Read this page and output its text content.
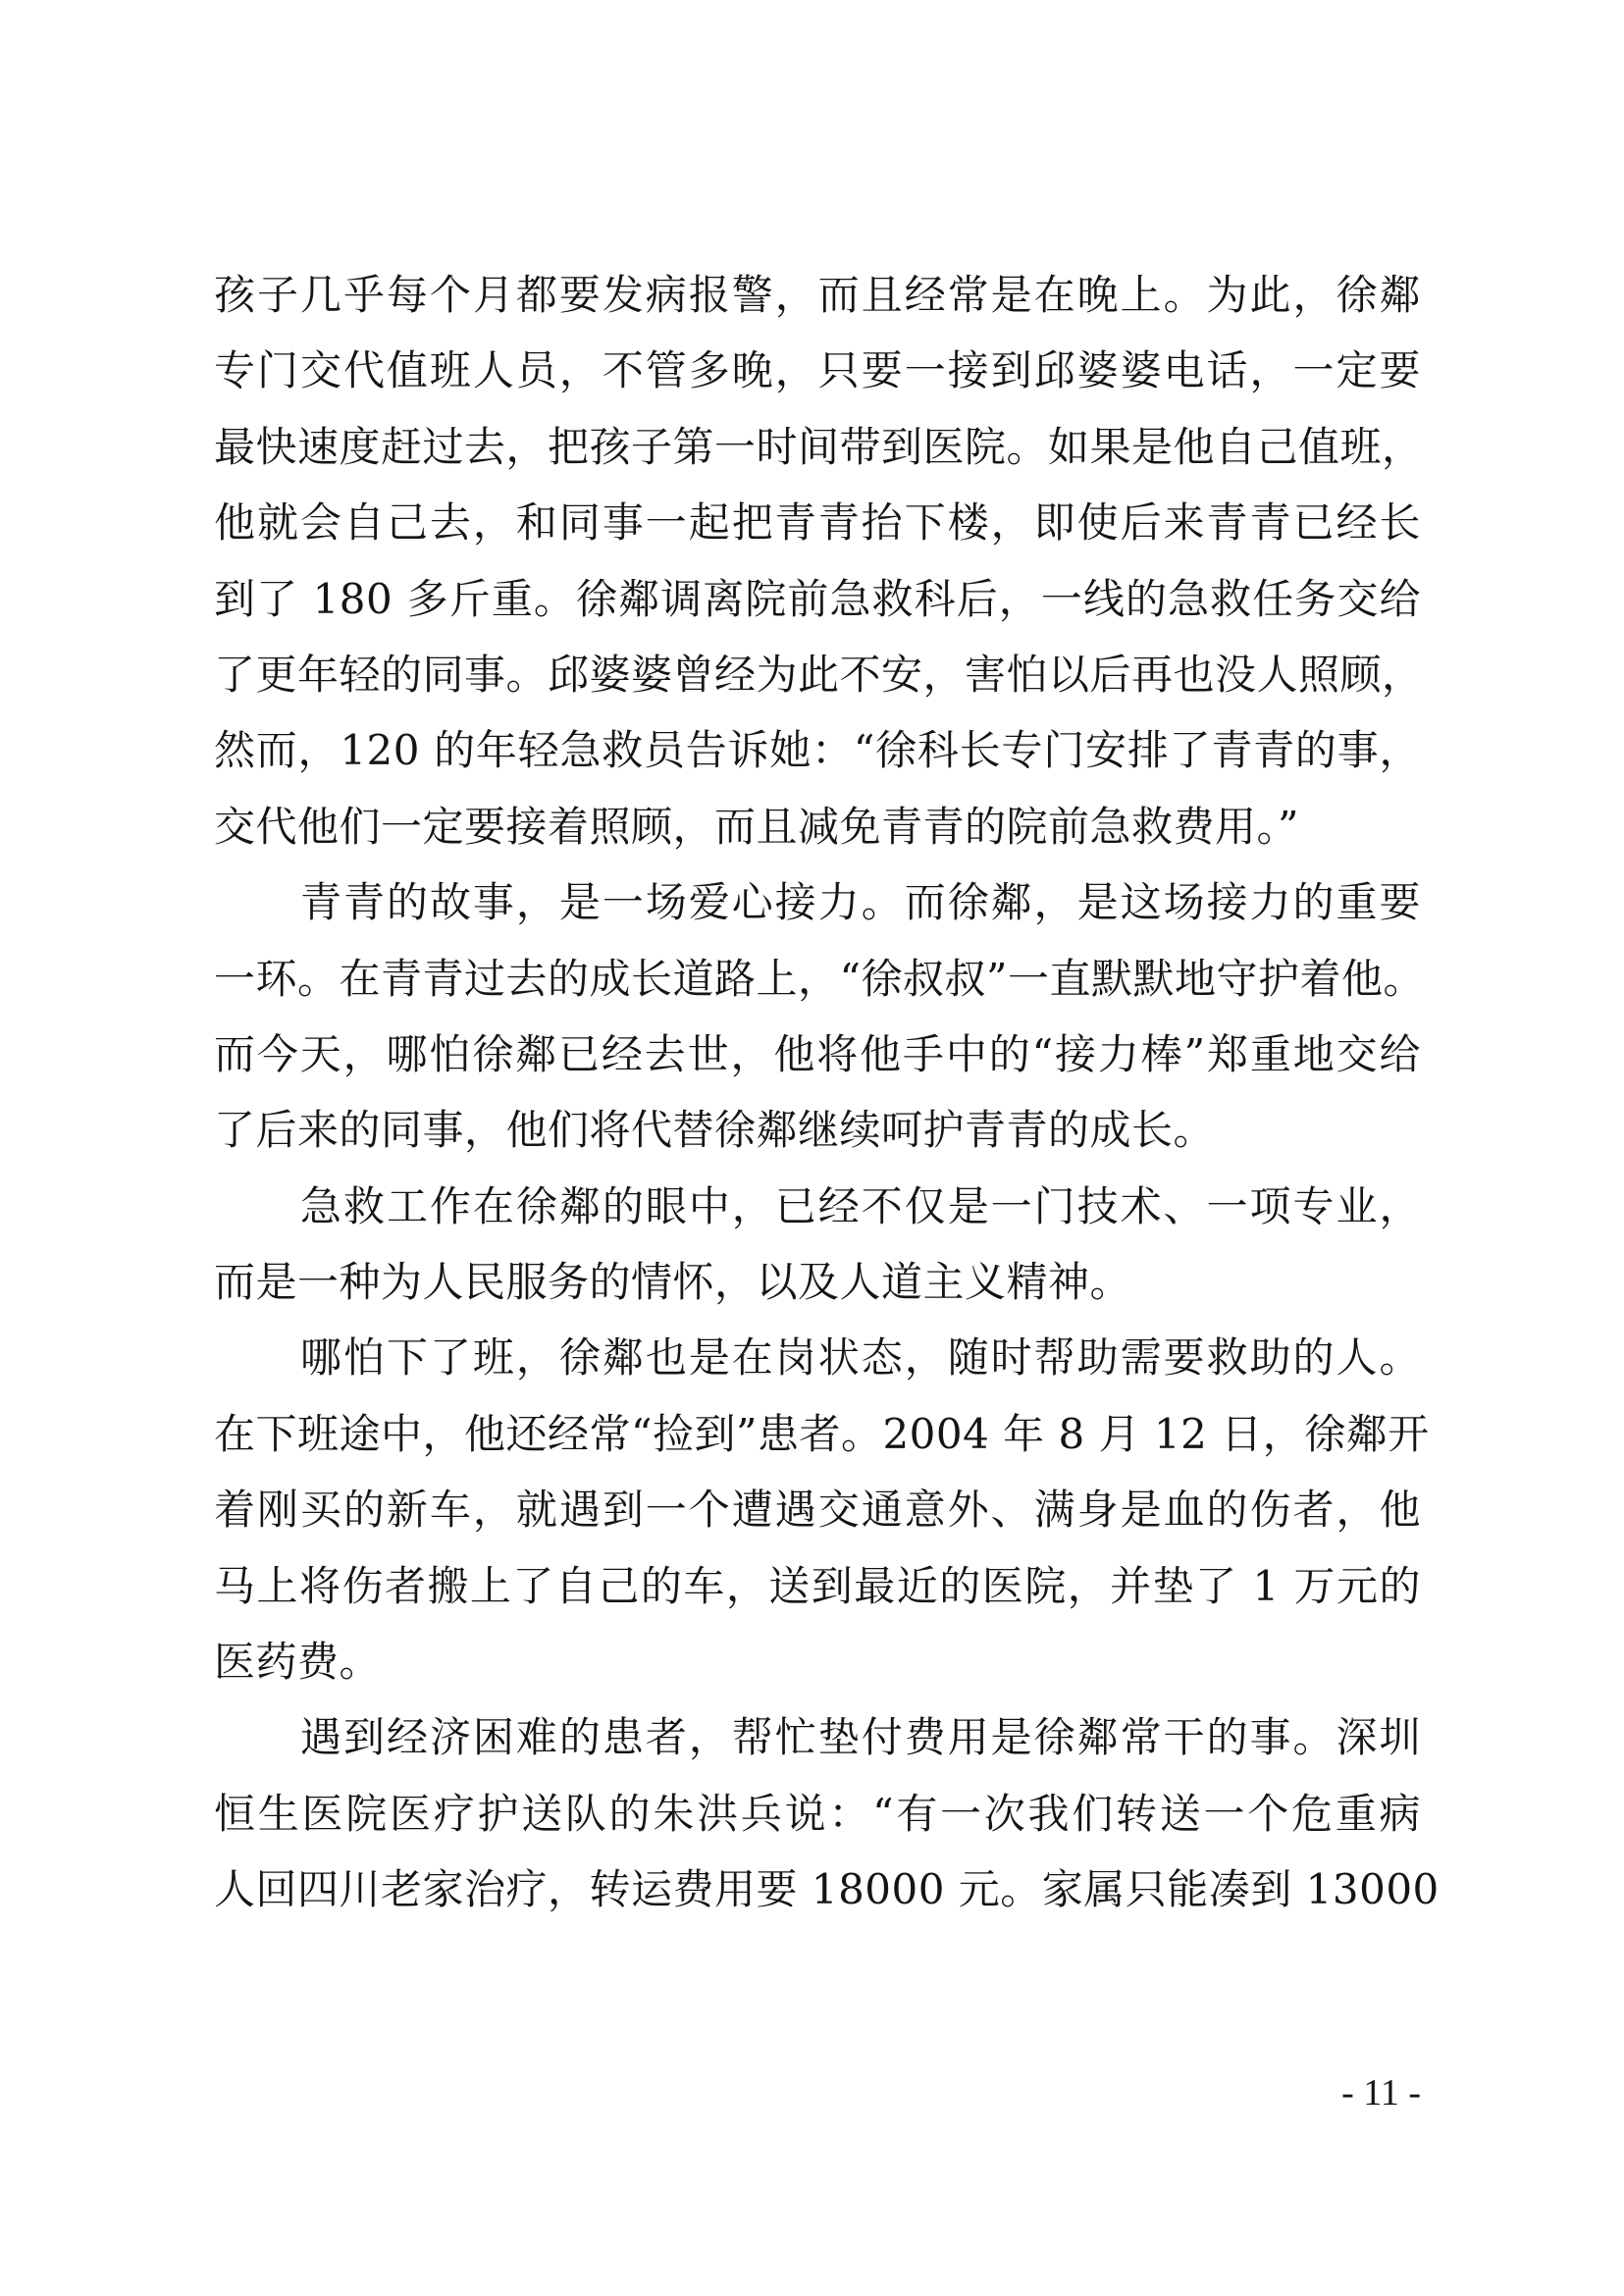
孩子几乎每个月都要发病报警，而且经常是在晚上。为此，徐鄰
专门交代值班人员，不管多晚，只要一接到邱婆婆电话，一定要
最快速度赶过去，把孩子第一时间带到医院。如果是他自己值班，
他就会自己去，和同事一起把青青抬下楼，即使后来青青已经长
到了 180 多斤重。徐鄰调离院前急救科后，一线的急救任务交给
了更年轻的同事。邱婆婆曾经为此不安，害怕以后再也没人照顾，
然而，120 的年轻急救员告诉她：“徐科长专门安排了青青的事，
交代他们一定要接着照顾，而且减免青青的院前急救费用。”
青青的故事，是一场爱心接力。而徐鄰，是这场接力的重要
一环。在青青过去的成长道路上，“徐叔叔”一直默默地守护着他。
而今天，哪怕徐鄰已经去世，他将他手中的“接力棒”郑重地交给
了后来的同事，他们将代替徐鄰继续呵护青青的成长。
急救工作在徐鄰的眼中，已经不仅是一门技术、一项专业，
而是一种为人民服务的情怀，以及人道主义精神。
哪怕下了班，徐鄰也是在岗状态，随时帮助需要救助的人。
在下班途中，他还经常“捡到”患者。2004 年 8 月 12 日，徐鄰开
着刚买的新车，就遇到一个遭遇交通意外、满身是血的伤者，他
马上将伤者搬上了自己的车，送到最近的医院，并垫了 1 万元的
医药费。
遇到经济困难的患者，帮忙垫付费用是徐鄰常干的事。深圳
恒生医院医疗护送队的朱洪兵说：“有一次我们转送一个危重病
人回四川老家治疗，转运费用要 18000 元。家属只能凑到 13000
- 11 -
